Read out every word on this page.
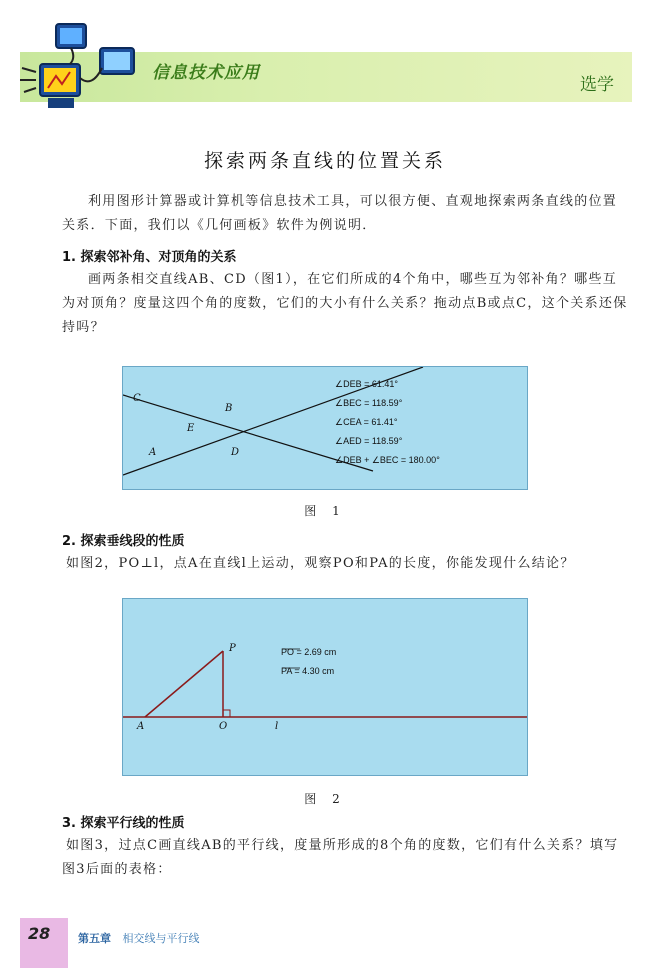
信息技术应用
选学
探索两条直线的位置关系

利用图形计算器或计算机等信息技术工具，可以很方便、直观地探索两条直线的位置关系．下面，我们以《几何画板》软件为例说明．

1. 探索邻补角、对顶角的关系

画两条相交直线AB、CD（图1），在它们所成的4个角中，哪些互为邻补角？哪些互为对顶角？度量这四个角的度数，它们的大小有什么关系？拖动点B或点C，这个关系还保持吗？

C
B
E
A	D
∠DEB = 61.41°
∠BEC = 118.59°
∠CEA = 61.41°
∠AED = 118.59°
∠DEB + ∠BEC = 180.00°
图 1
2. 探索垂线段的性质

如图2，PO⊥l，点A在直线l上运动，观察PO和PA的长度，你能发现什么结论？

P
A	O	l
PO = 2.69 cm
PA = 4.30 cm
图 2
3. 探索平行线的性质

如图3，过点C画直线AB的平行线，度量所形成的8个角的度数，它们有什么关系？填写图3后面的表格：

28	第五章 相交线与平行线
